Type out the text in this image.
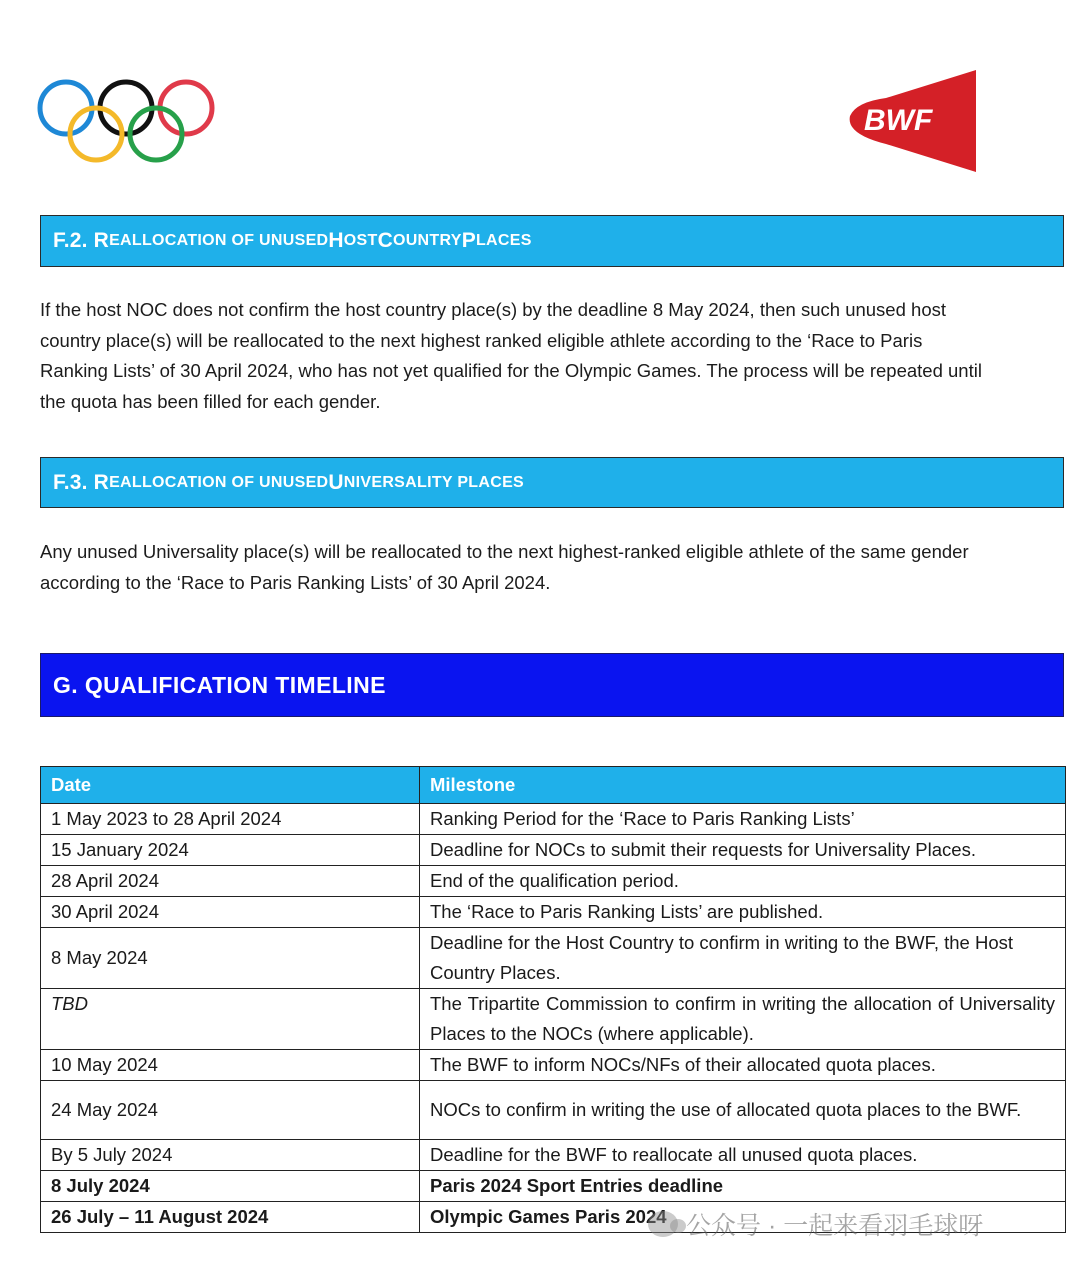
BWF
F.2. R EALLOCATION OF UNUSED H OST C OUNTRY P LACES
If the host NOC does not confirm the host country place(s) by the deadline 8 May 2024, then such unused host country place(s) will be reallocated to the next highest ranked eligible athlete according to the ‘Race to Paris Ranking Lists’ of 30 April 2024, who has not yet qualified for the Olympic Games. The process will be repeated until the quota has been filled for each gender.
F.3. R EALLOCATION OF UNUSED U NIVERSALITY PLACES
Any unused Universality place(s) will be reallocated to the next highest-ranked eligible athlete of the same gender according to the ‘Race to Paris Ranking Lists’ of 30 April 2024.
G. QUALIFICATION TIMELINE
Date	Milestone
1 May 2023 to 28 April 2024	Ranking Period for the ‘Race to Paris Ranking Lists’
15 January 2024	Deadline for NOCs to submit their requests for Universality Places.
28 April 2024	End of the qualification period.
30 April 2024	The ‘Race to Paris Ranking Lists’ are published.
8 May 2024	Deadline for the Host Country to confirm in writing to the BWF, the Host Country Places.
TBD	The Tripartite Commission to confirm in writing the allocation of Universality Places to the NOCs (where applicable).
10 May 2024	The BWF to inform NOCs/NFs of their allocated quota places.
24 May 2024	NOCs to confirm in writing the use of allocated quota places to the BWF.
By 5 July 2024	Deadline for the BWF to reallocate all unused quota places.
8 July 2024	Paris 2024 Sport Entries deadline
26 July – 11 August 2024	Olympic Games Paris 2024 公众号 · 一起来看羽毛球呀
